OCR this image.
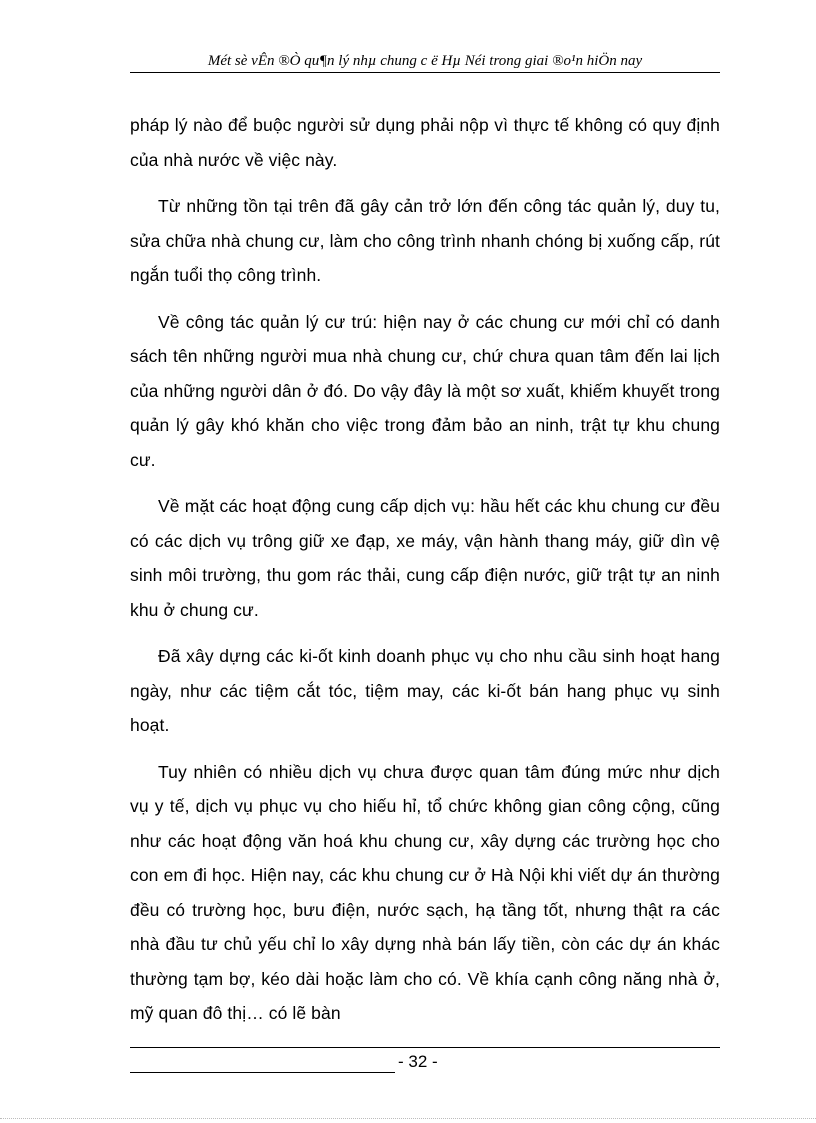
Mét sè vÊn ®Ò qu¶n lý nhµ chung c ë Hµ Néi trong giai ®o¹n hiÖn nay

pháp lý nào để buộc người sử dụng phải nộp vì thực tế không có quy định của nhà nước về việc này.

Từ những tồn tại trên đã gây cản trở lớn đến công tác quản lý, duy tu, sửa chữa nhà chung cư, làm cho công trình nhanh chóng bị xuống cấp, rút ngắn tuổi thọ công trình.

Về công tác quản lý cư trú: hiện nay ở các chung cư mới chỉ có danh sách tên những người mua nhà chung cư, chứ chưa quan tâm đến lai lịch của những người dân ở đó. Do vậy đây là một sơ xuất, khiếm khuyết trong quản lý gây khó khăn cho việc trong đảm bảo an ninh, trật tự khu chung cư.

Về mặt các hoạt động cung cấp dịch vụ: hầu hết các khu chung cư đều có các dịch vụ trông giữ xe đạp, xe máy, vận hành thang máy, giữ dìn vệ sinh môi trường, thu gom rác thải, cung cấp điện nước, giữ trật tự an ninh khu ở chung cư.

Đã xây dựng các ki-ốt kinh doanh phục vụ cho nhu cầu sinh hoạt hang ngày, như các tiệm cắt tóc, tiệm may, các ki-ốt bán hang phục vụ sinh hoạt.

Tuy nhiên có nhiều dịch vụ chưa được quan tâm đúng mức như dịch vụ y tế, dịch vụ phục vụ cho hiếu hỉ, tổ chức không gian công cộng, cũng như các hoạt động văn hoá khu chung cư, xây dựng các trường học cho con em đi học. Hiện nay, các khu chung cư ở Hà Nội khi viết dự án thường đều có trường học, bưu điện, nước sạch, hạ tầng tốt, nhưng thật ra các nhà đầu tư chủ yếu chỉ lo xây dựng nhà bán lấy tiền, còn các dự án khác thường tạm bợ, kéo dài hoặc làm cho có. Về khía cạnh công năng nhà ở, mỹ quan đô thị… có lẽ bàn

- 32 -
